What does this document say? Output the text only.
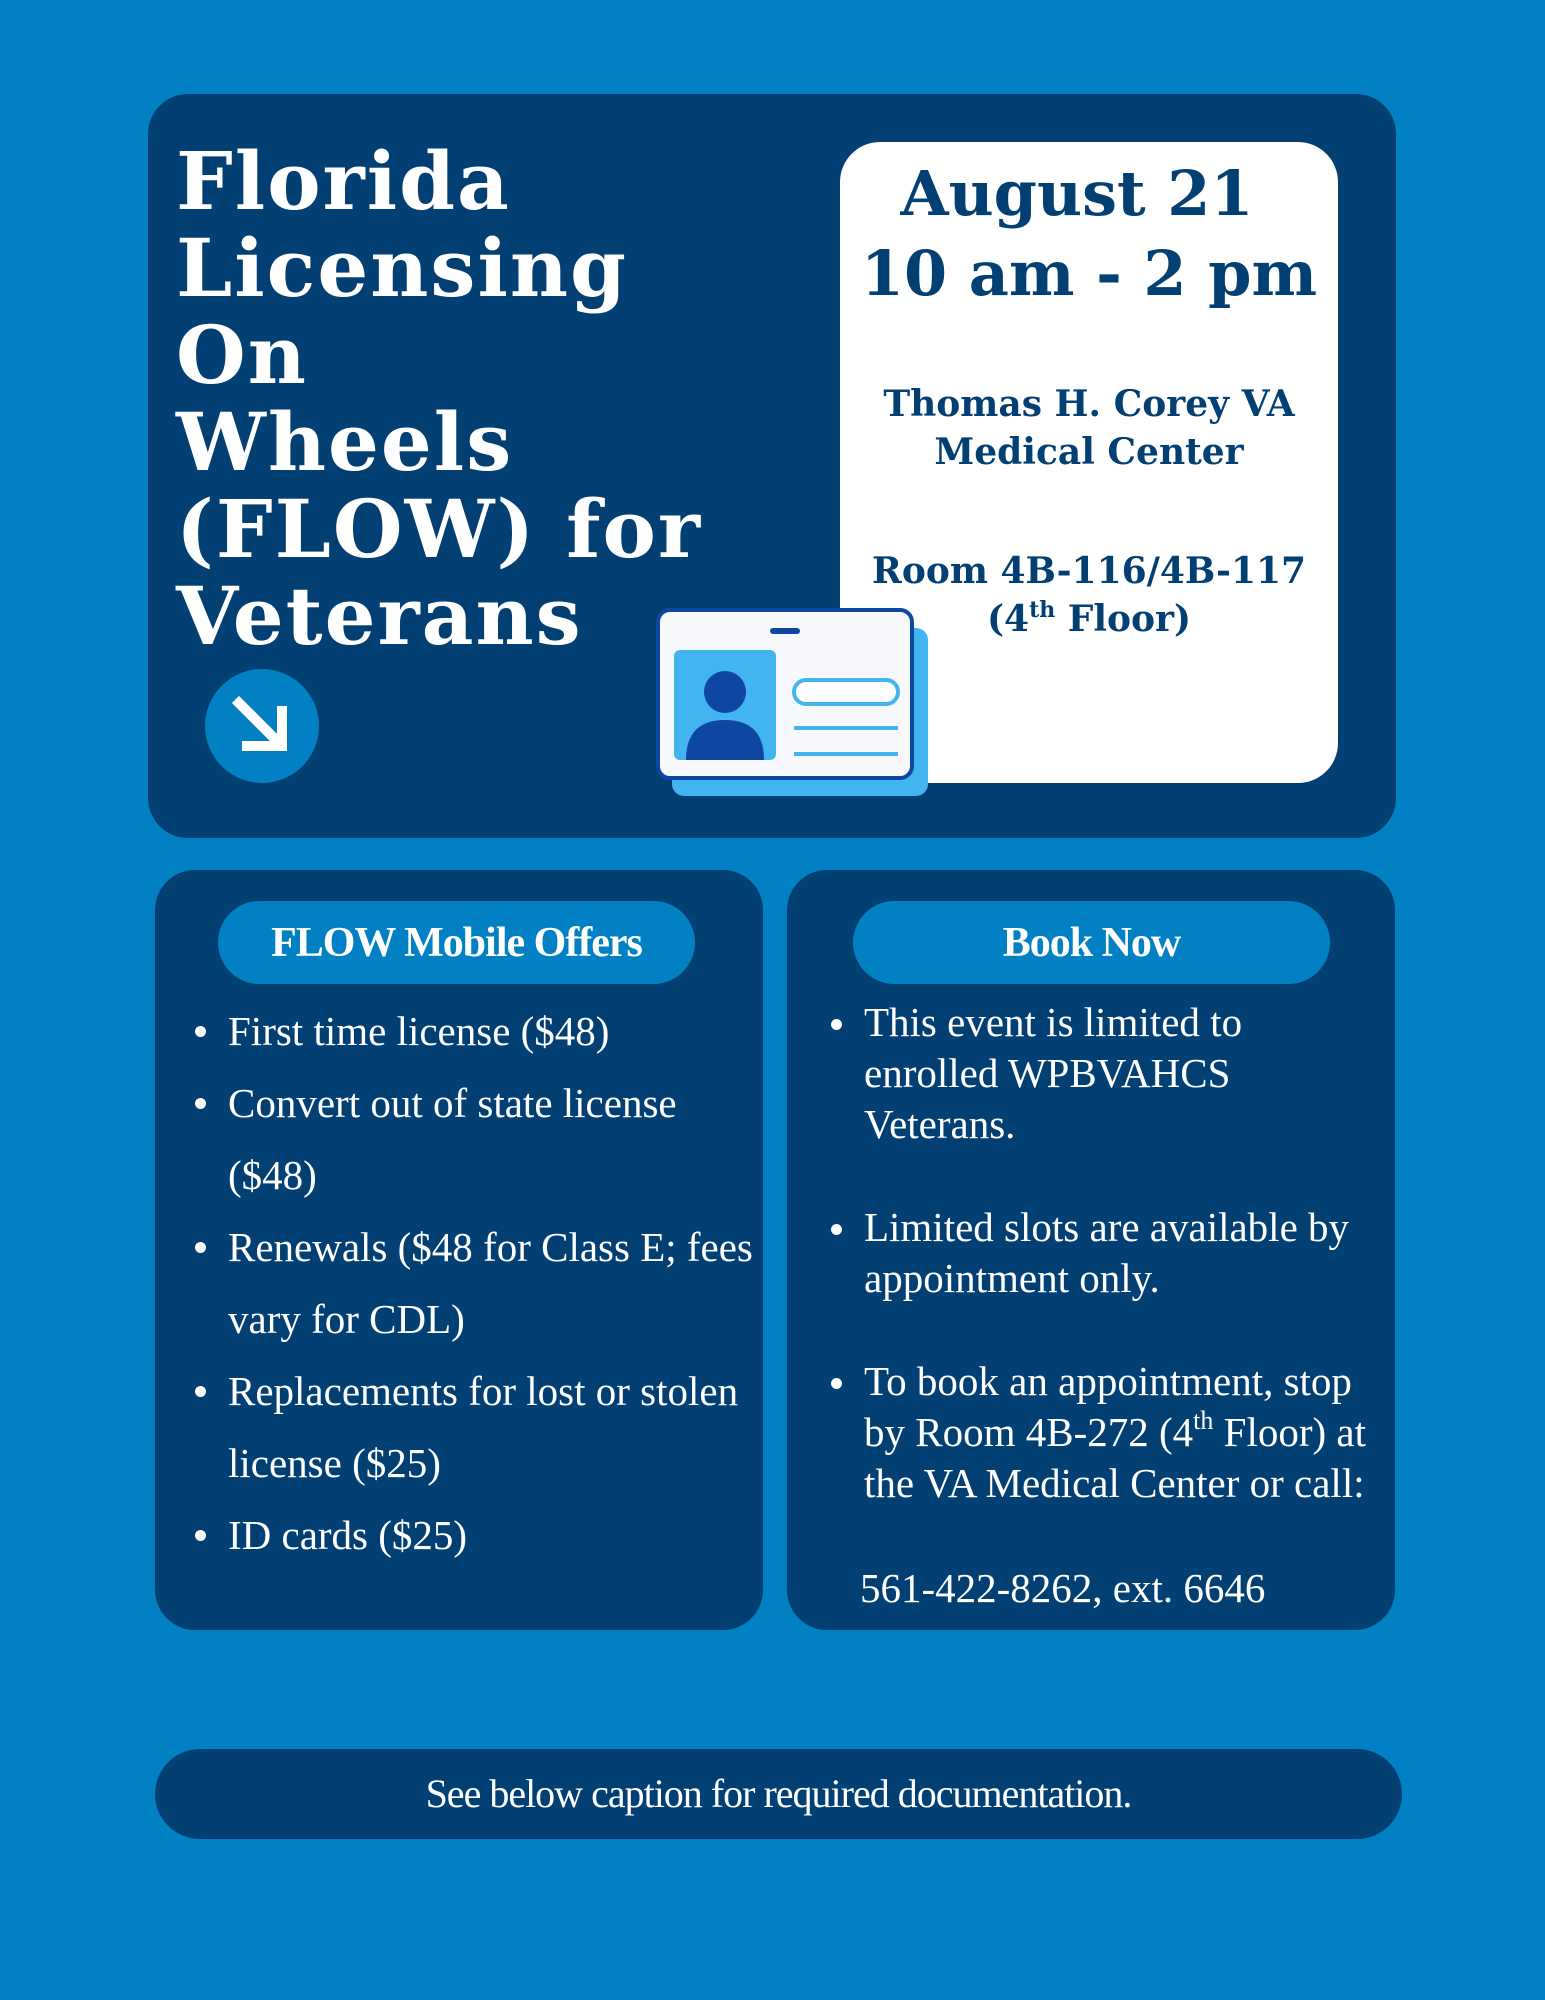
Florida
Licensing
On
Wheels
(FLOW) for
Veterans
August 21
10 am - 2 pm
Thomas H. Corey VA Medical Center
Room 4B-116/4B-117
(4th Floor)
FLOW Mobile Offers
First time license ($48)
Convert out of state license ($48)
Renewals ($48 for Class E; fees vary for CDL)
Replacements for lost or stolen license ($25)
ID cards ($25)
Book Now
This event is limited to enrolled WPBVAHCS Veterans.
Limited slots are available by appointment only.
To book an appointment, stop by Room 4B-272 (4th Floor) at the VA Medical Center or call:
561-422-8262, ext. 6646
See below caption for required documentation.
